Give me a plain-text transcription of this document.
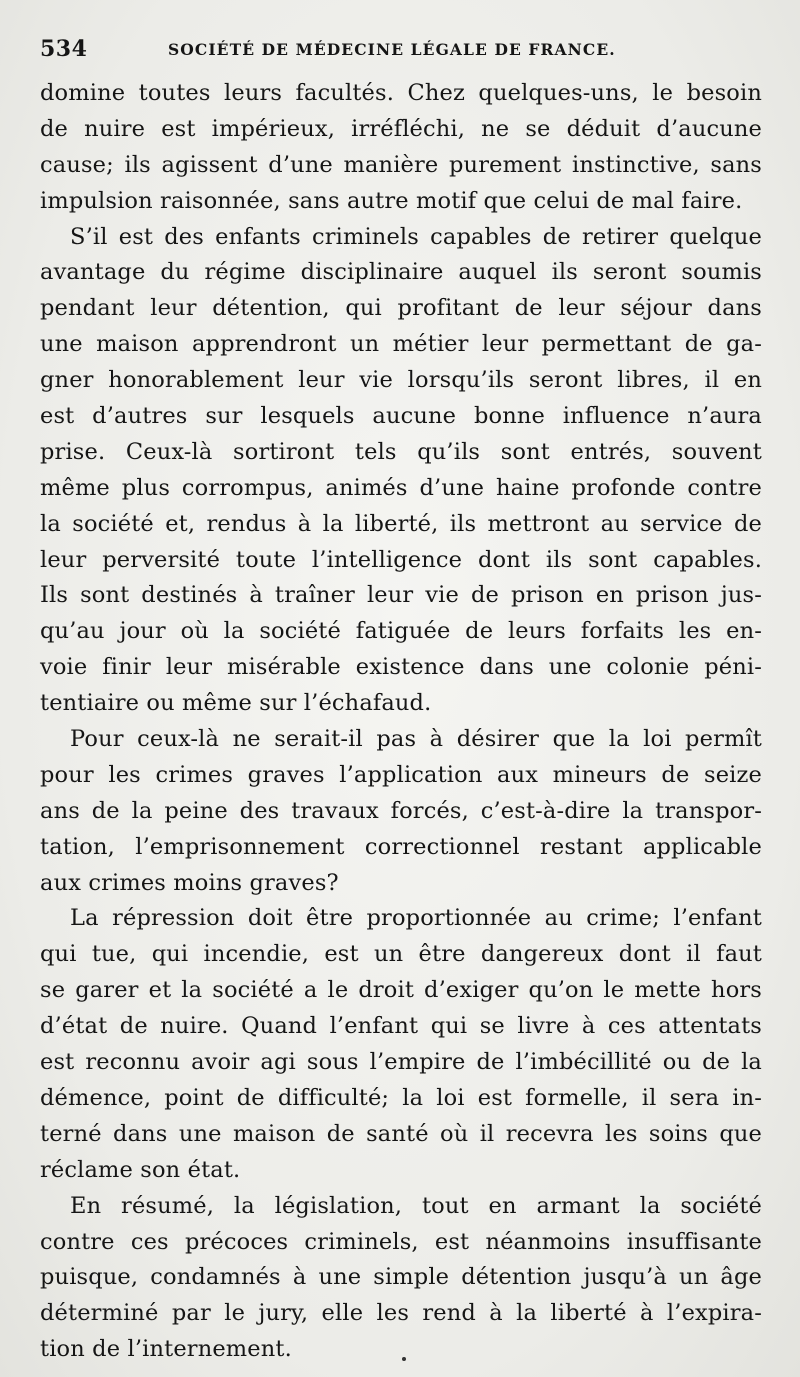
534	SOCIÉTÉ DE MÉDECINE LÉGALE DE FRANCE.
domine toutes leurs facultés. Chez quelques-uns, le besoin
de nuire est impérieux, irréfléchi, ne se déduit d’aucune
cause; ils agissent d’une manière purement instinctive, sans
impulsion raisonnée, sans autre motif que celui de mal faire.
S’il est des enfants criminels capables de retirer quelque
avantage du régime disciplinaire auquel ils seront soumis
pendant leur détention, qui profitant de leur séjour dans
une maison apprendront un métier leur permettant de ga-
gner honorablement leur vie lorsqu’ils seront libres, il en
est d’autres sur lesquels aucune bonne influence n’aura
prise. Ceux-là sortiront tels qu’ils sont entrés, souvent
même plus corrompus, animés d’une haine profonde contre
la société et, rendus à la liberté, ils mettront au service de
leur perversité toute l’intelligence dont ils sont capables.
Ils sont destinés à traîner leur vie de prison en prison jus-
qu’au jour où la société fatiguée de leurs forfaits les en-
voie finir leur misérable existence dans une colonie péni-
tentiaire ou même sur l’échafaud.
Pour ceux-là ne serait-il pas à désirer que la loi permît
pour les crimes graves l’application aux mineurs de seize
ans de la peine des travaux forcés, c’est-à-dire la transpor-
tation, l’emprisonnement correctionnel restant applicable
aux crimes moins graves?
La répression doit être proportionnée au crime; l’enfant
qui tue, qui incendie, est un être dangereux dont il faut
se garer et la société a le droit d’exiger qu’on le mette hors
d’état de nuire. Quand l’enfant qui se livre à ces attentats
est reconnu avoir agi sous l’empire de l’imbécillité ou de la
démence, point de difficulté; la loi est formelle, il sera in-
terné dans une maison de santé où il recevra les soins que
réclame son état.
En résumé, la législation, tout en armant la société
contre ces précoces criminels, est néanmoins insuffisante
puisque, condamnés à une simple détention jusqu’à un âge
déterminé par le jury, elle les rend à la liberté à l’expira-
tion de l’internement.
